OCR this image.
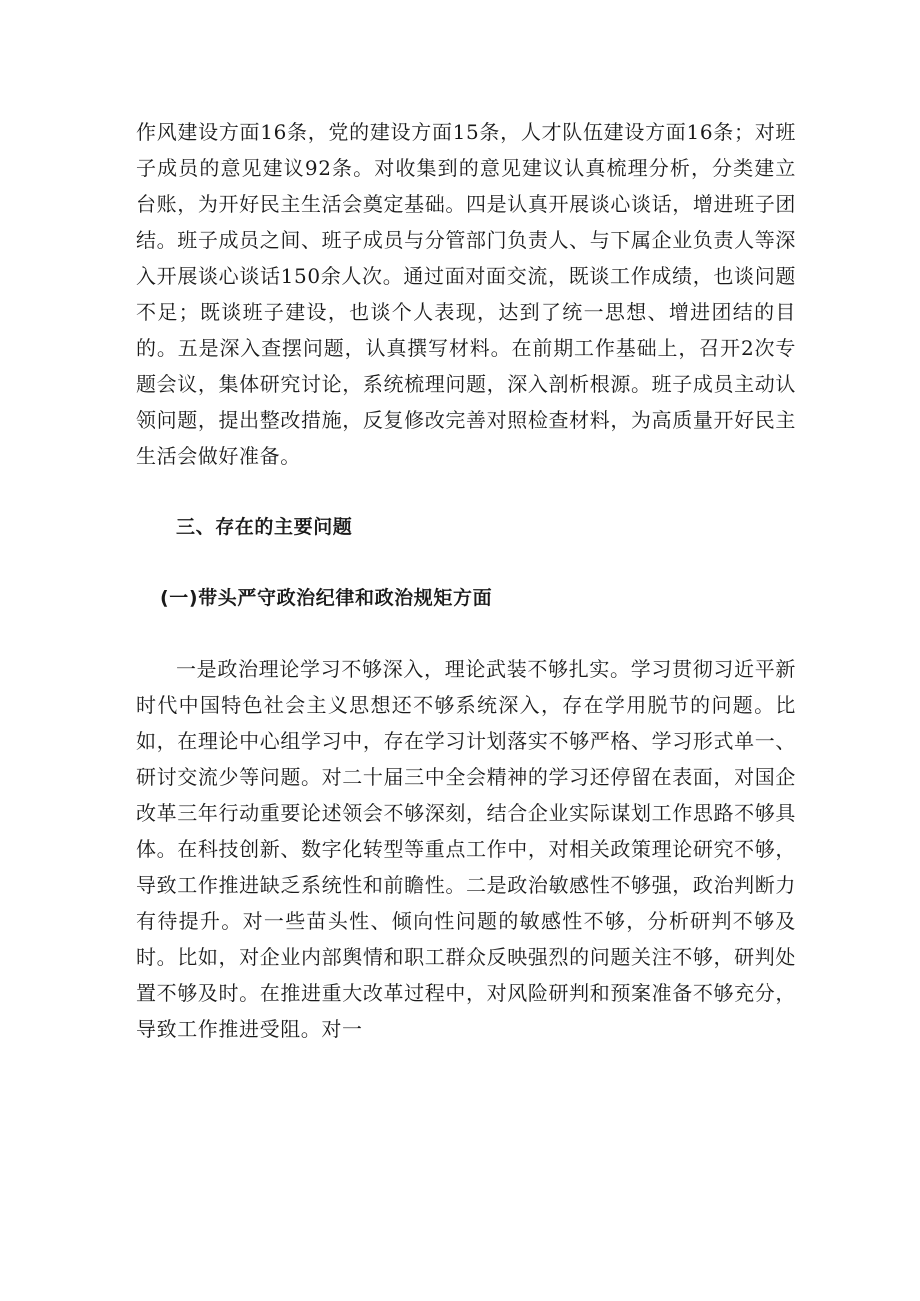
作风建设方面16条，党的建设方面15条，人才队伍建设方面16条；对班子成员的意见建议92条。对收集到的意见建议认真梳理分析，分类建立台账，为开好民主生活会奠定基础。四是认真开展谈心谈话，增进班子团结。班子成员之间、班子成员与分管部门负责人、与下属企业负责人等深入开展谈心谈话150余人次。通过面对面交流，既谈工作成绩，也谈问题不足；既谈班子建设，也谈个人表现，达到了统一思想、增进团结的目的。五是深入查摆问题，认真撰写材料。在前期工作基础上，召开2次专题会议，集体研究讨论，系统梳理问题，深入剖析根源。班子成员主动认领问题，提出整改措施，反复修改完善对照检查材料，为高质量开好民主生活会做好准备。

三、存在的主要问题

(一)带头严守政治纪律和政治规矩方面

一是政治理论学习不够深入，理论武装不够扎实。学习贯彻习近平新时代中国特色社会主义思想还不够系统深入，存在学用脱节的问题。比如，在理论中心组学习中，存在学习计划落实不够严格、学习形式单一、研讨交流少等问题。对二十届三中全会精神的学习还停留在表面，对国企改革三年行动重要论述领会不够深刻，结合企业实际谋划工作思路不够具体。在科技创新、数字化转型等重点工作中，对相关政策理论研究不够，导致工作推进缺乏系统性和前瞻性。二是政治敏感性不够强，政治判断力有待提升。对一些苗头性、倾向性问题的敏感性不够，分析研判不够及时。比如，对企业内部舆情和职工群众反映强烈的问题关注不够，研判处置不够及时。在推进重大改革过程中，对风险研判和预案准备不够充分，导致工作推进受阻。对一
